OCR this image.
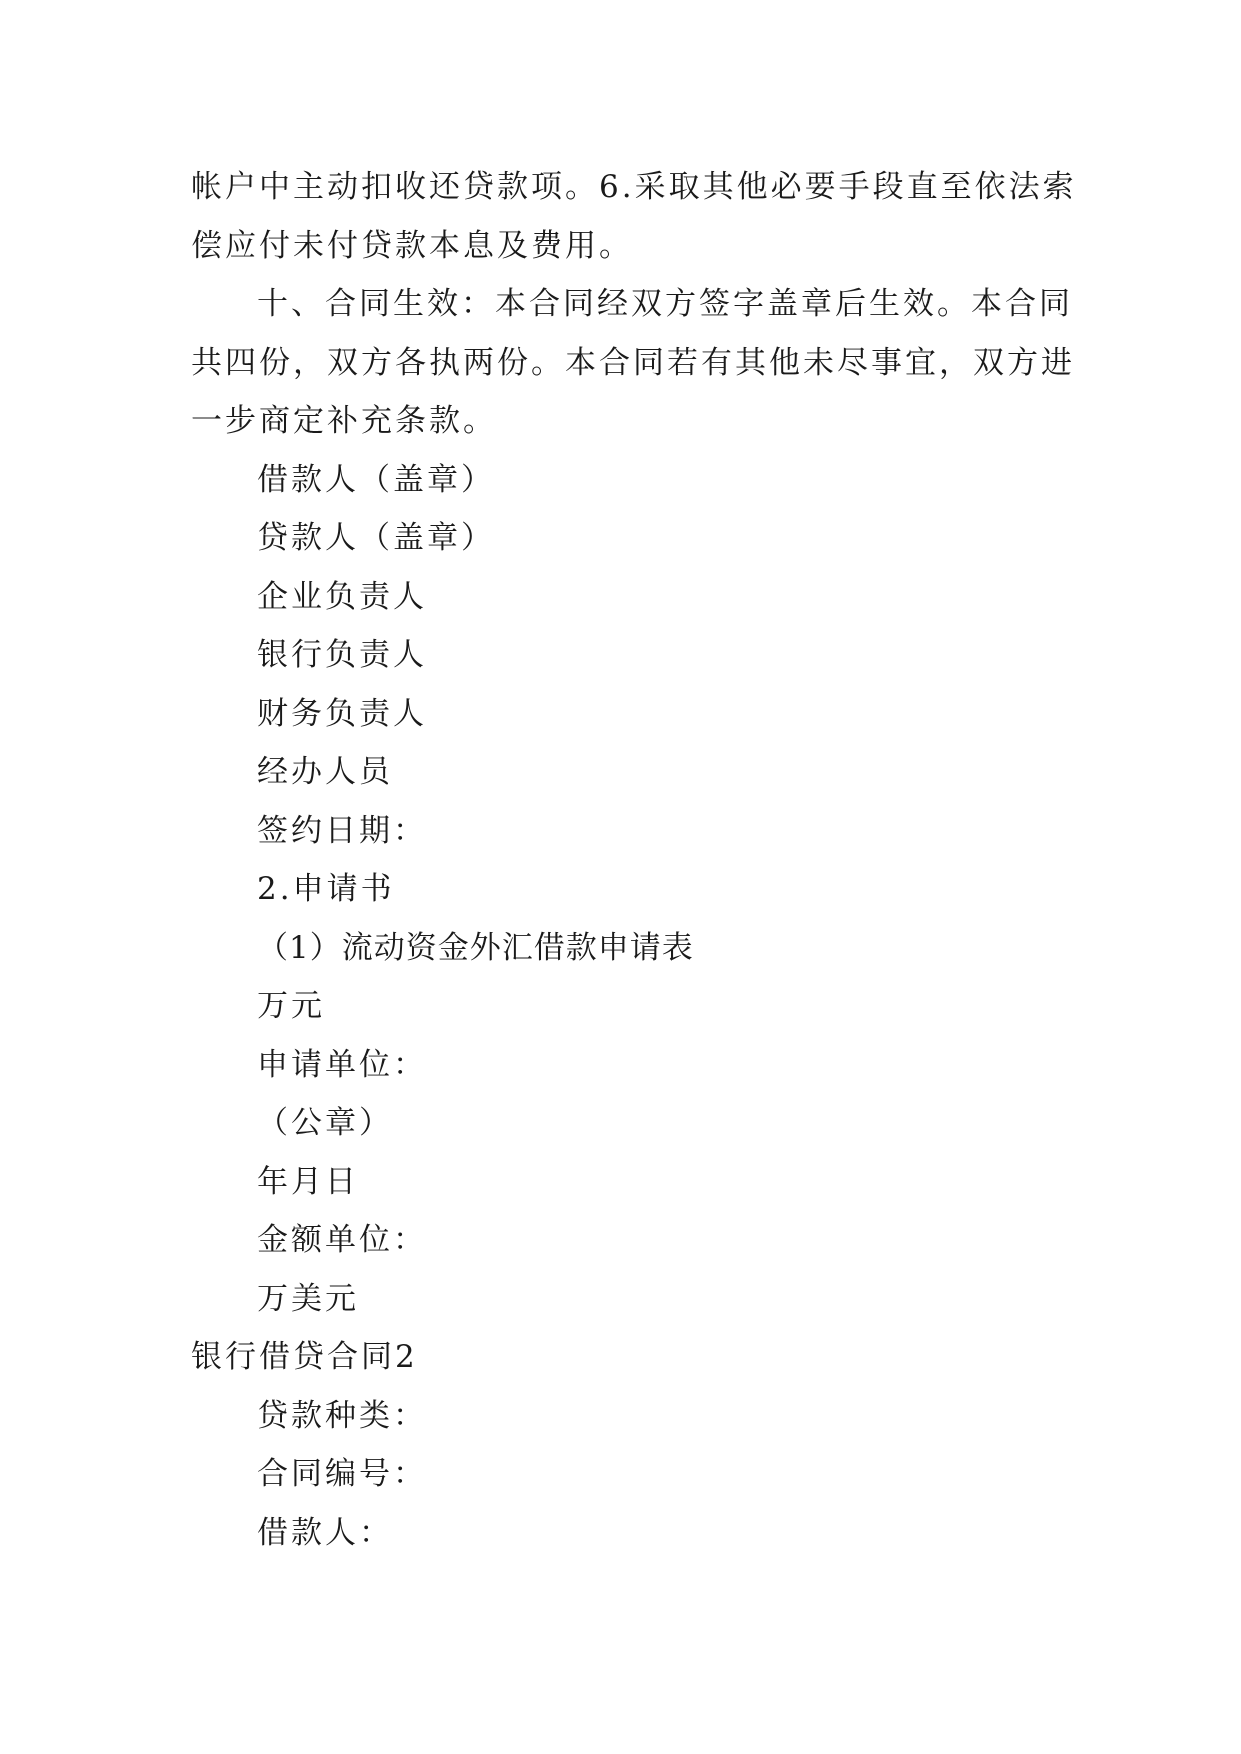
帐户中主动扣收还贷款项。6.采取其他必要手段直至依法索

偿应付未付贷款本息及费用。

十、合同生效：本合同经双方签字盖章后生效。本合同

共四份，双方各执两份。本合同若有其他未尽事宜，双方进

一步商定补充条款。

借款人（盖章）

贷款人（盖章）

企业负责人

银行负责人

财务负责人

经办人员

签约日期：

2.申请书

（1）流动资金外汇借款申请表

万元

申请单位：

（公章）

年月日

金额单位：

万美元

银行借贷合同2

贷款种类：

合同编号：

借款人：
